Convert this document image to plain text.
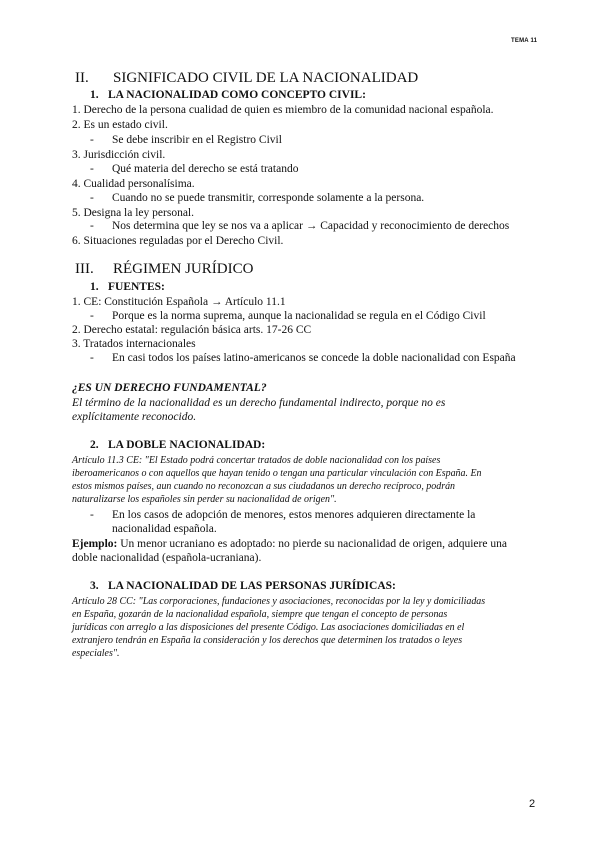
TEMA 11
II. SIGNIFICADO CIVIL DE LA NACIONALIDAD
1. LA NACIONALIDAD COMO CONCEPTO CIVIL:
1. Derecho de la persona cualidad de quien es miembro de la comunidad nacional española.
2. Es un estado civil.
- Se debe inscribir en el Registro Civil
3. Jurisdicción civil.
- Qué materia del derecho se está tratando
4. Cualidad personalísima.
- Cuando no se puede transmitir, corresponde solamente a la persona.
5. Designa la ley personal.
- Nos determina que ley se nos va a aplicar → Capacidad y reconocimiento de derechos
6. Situaciones reguladas por el Derecho Civil.
III. RÉGIMEN JURÍDICO
1. FUENTES:
1. CE: Constitución Española → Artículo 11.1
- Porque es la norma suprema, aunque la nacionalidad se regula en el Código Civil
2. Derecho estatal: regulación básica arts. 17-26 CC
3. Tratados internacionales
- En casi todos los países latino-americanos se concede la doble nacionalidad con España
¿ES UN DERECHO FUNDAMENTAL?
El término de la nacionalidad es un derecho fundamental indirecto, porque no es
explícitamente reconocido.
2. LA DOBLE NACIONALIDAD:
Artículo 11.3 CE: "El Estado podrá concertar tratados de doble nacionalidad con los países
iberoamericanos o con aquellos que hayan tenido o tengan una particular vinculación con España. En
estos mismos países, aun cuando no reconozcan a sus ciudadanos un derecho recíproco, podrán
naturalizarse los españoles sin perder su nacionalidad de origen".
- En los casos de adopción de menores, estos menores adquieren directamente la
nacionalidad española.
Ejemplo: Un menor ucraniano es adoptado: no pierde su nacionalidad de origen, adquiere una
doble nacionalidad (española-ucraniana).
3. LA NACIONALIDAD DE LAS PERSONAS JURÍDICAS:
Artículo 28 CC: "Las corporaciones, fundaciones y asociaciones, reconocidas por la ley y domiciliadas
en España, gozarán de la nacionalidad española, siempre que tengan el concepto de personas
jurídicas con arreglo a las disposiciones del presente Código. Las asociaciones domiciliadas en el
extranjero tendrán en España la consideración y los derechos que determinen los tratados o leyes
especiales".
2
